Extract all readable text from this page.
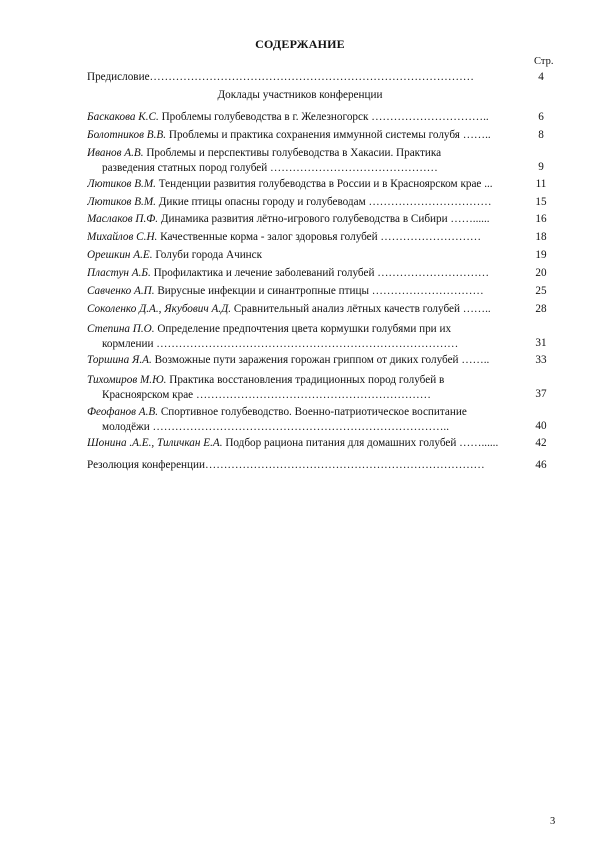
СОДЕРЖАНИЕ
Стр.
Предисловие……………………………………………………………………………	4
Доклады участников конференции
Баскакова К.С. Проблемы голубеводства в г. Железногорск …………………………..	6
Болотников В.В. Проблемы и практика сохранения иммунной системы голубя ……..	8
Иванов А.В. Проблемы и перспективы голубеводства в Хакасии. Практика
разведения статных пород голубей ………………………………………	9
Лютиков В.М. Тенденции развития голубеводства в России и в Красноярском крае ...	11
Лютиков В.М. Дикие птицы опасны городу и голубеводам ……………………………	15
Маслаков П.Ф. Динамика развития лётно-игрового голубеводства в Сибири ……......	16
Михайлов С.Н. Качественные корма - залог здоровья голубей ………………………	18
Орешкин А.Е. Голуби города Ачинск	19
Пластун А.Б. Профилактика и лечение заболеваний голубей …………………………	20
Савченко А.П. Вирусные инфекции и синантропные птицы …………………………	25
Соколенко Д.А., Якубович А.Д. Сравнительный анализ лётных качеств голубей ……..	28
Степина П.О. Определение предпочтения цвета кормушки голубями при их
кормлении ………………………………………………………………………	31
Торшина Я.А. Возможные пути заражения горожан гриппом от диких голубей ……..	33
Тихомиров М.Ю. Практика восстановления традиционных пород голубей в
Красноярском крае ………………………………………………………	37
Феофанов А.В. Спортивное голубеводство. Военно-патриотическое воспитание
молодёжи ……………………………………………………………………..	40
Шонина .А.Е., Тиличкан Е.А. Подбор рациона питания для домашних голубей ……......	42
Резолюция конференции…………………………………………………………………	46
3
